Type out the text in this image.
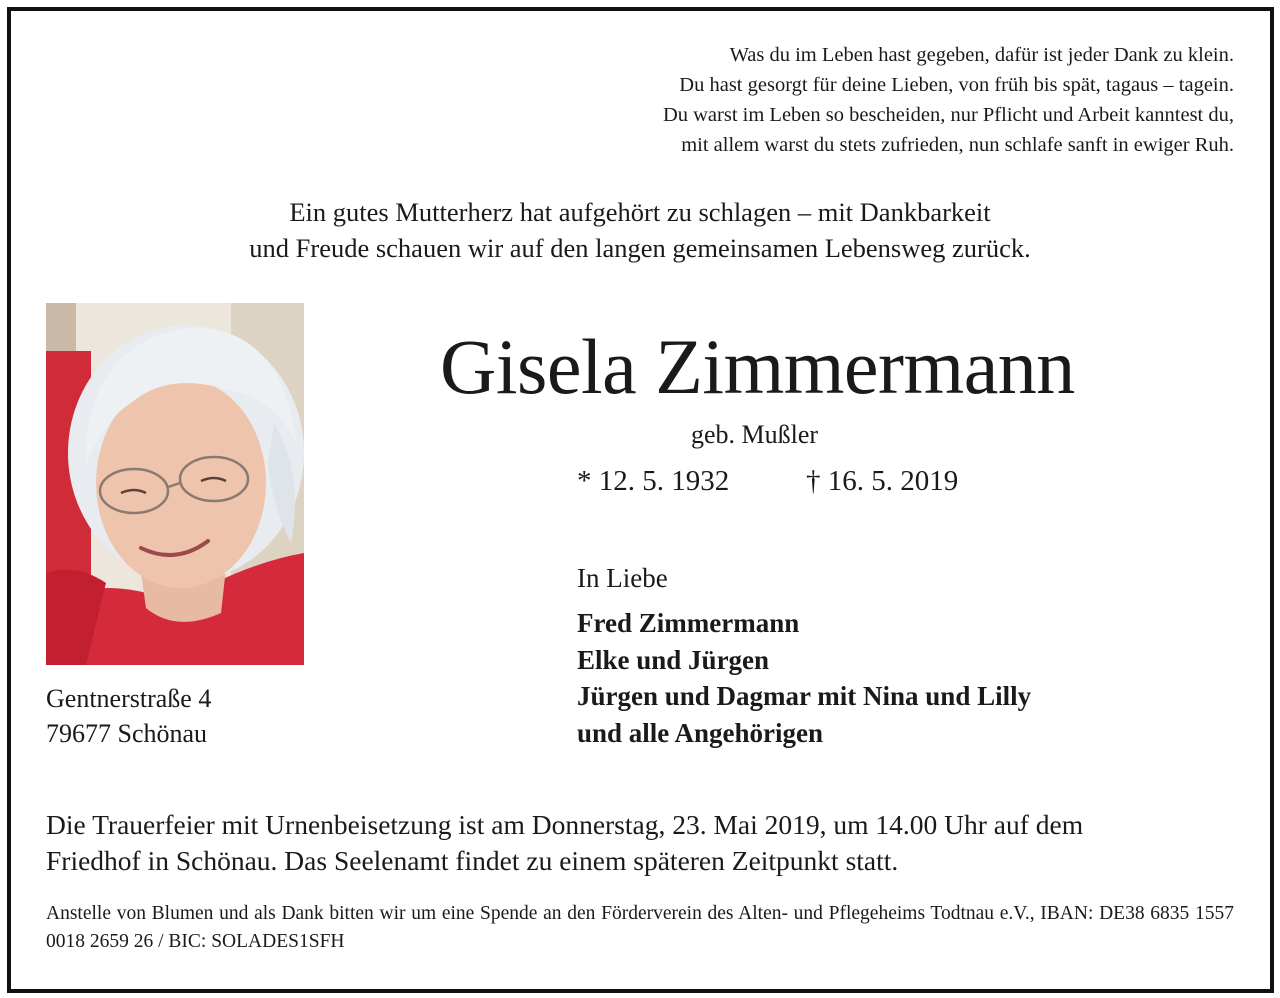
Was du im Leben hast gegeben, dafür ist jeder Dank zu klein.
Du hast gesorgt für deine Lieben, von früh bis spät, tagaus – tagein.
Du warst im Leben so bescheiden, nur Pflicht und Arbeit kanntest du,
mit allem warst du stets zufrieden, nun schlafe sanft in ewiger Ruh.
Ein gutes Mutterherz hat aufgehört zu schlagen – mit Dankbarkeit
und Freude schauen wir auf den langen gemeinsamen Lebensweg zurück.
Gentnerstraße 4
79677 Schönau
Gisela Zimmermann
geb. Mußler
* 12. 5. 1932	† 16. 5. 2019
In Liebe
Fred Zimmermann
Elke und Jürgen
Jürgen und Dagmar mit Nina und Lilly
und alle Angehörigen
Die Trauerfeier mit Urnenbeisetzung ist am Donnerstag, 23. Mai 2019, um 14.00 Uhr auf dem
Friedhof in Schönau. Das Seelenamt findet zu einem späteren Zeitpunkt statt.
Anstelle von Blumen und als Dank bitten wir um eine Spende an den Förderverein des Alten- und Pflegeheims Todtnau e.V., IBAN: DE38 6835 1557 0018 2659 26 / BIC: SOLADES1SFH
